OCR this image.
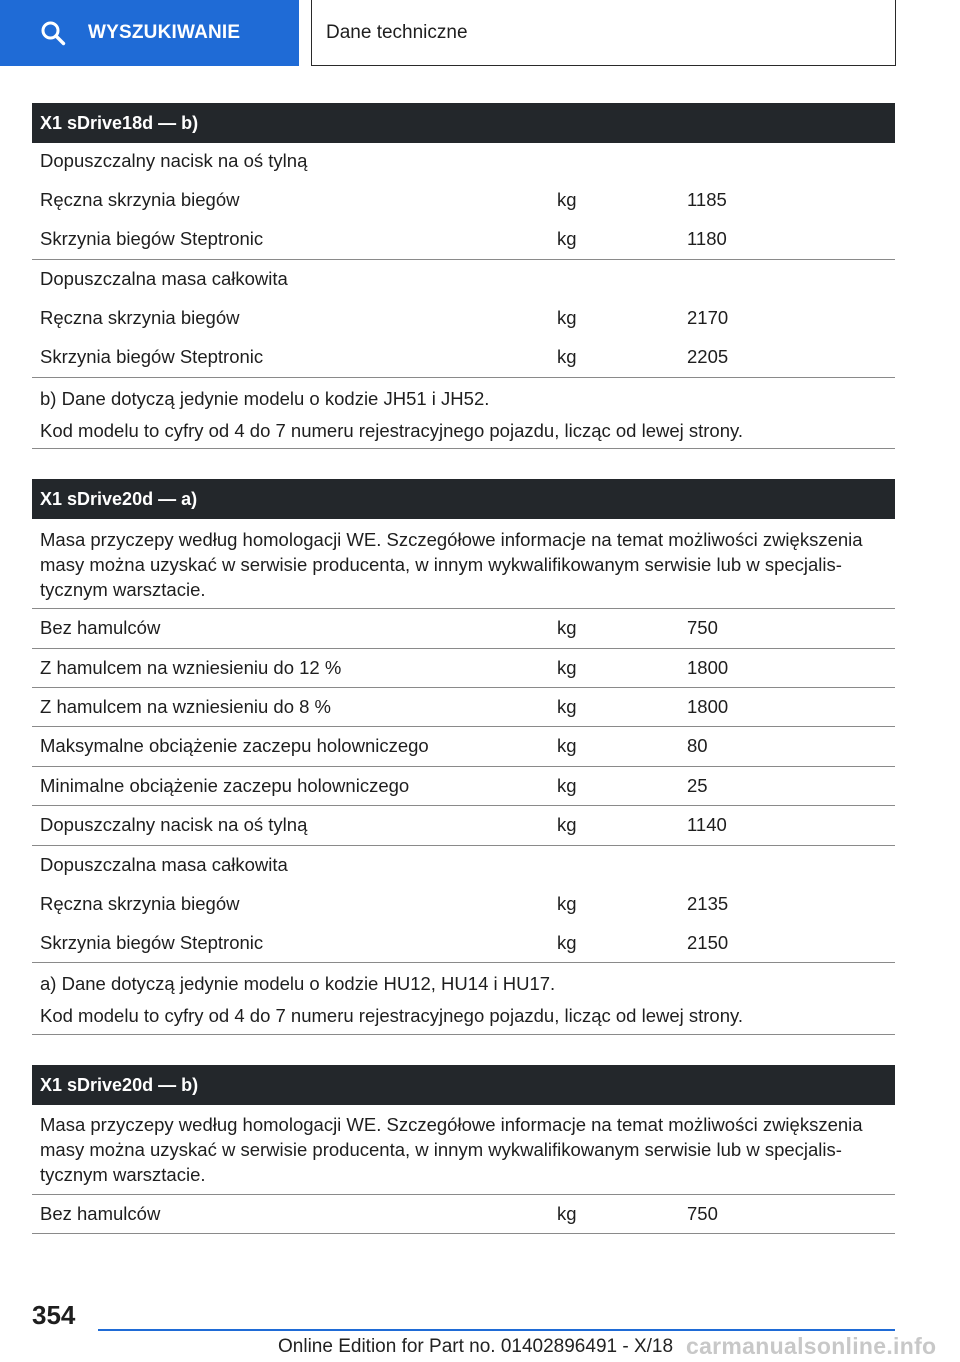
WYSZUKIWANIE	Dane techniczne
X1 sDrive18d — b)
Dopuszczalny nacisk na oś tylną
Ręczna skrzynia biegów	kg	1185
Skrzynia biegów Steptronic	kg	1180
Dopuszczalna masa całkowita
Ręczna skrzynia biegów	kg	2170
Skrzynia biegów Steptronic	kg	2205
b) Dane dotyczą jedynie modelu o kodzie JH51 i JH52.
Kod modelu to cyfry od 4 do 7 numeru rejestracyjnego pojazdu, licząc od lewej strony.
X1 sDrive20d — a)
Masa przyczepy według homologacji WE. Szczegółowe informacje na temat możliwości zwiększenia
masy można uzyskać w serwisie producenta, w innym wykwalifikowanym serwisie lub w specjalis-
tycznym warsztacie.
Bez hamulców	kg	750
Z hamulcem na wzniesieniu do 12 %	kg	1800
Z hamulcem na wzniesieniu do 8 %	kg	1800
Maksymalne obciążenie zaczepu holowniczego	kg	80
Minimalne obciążenie zaczepu holowniczego	kg	25
Dopuszczalny nacisk na oś tylną	kg	1140
Dopuszczalna masa całkowita
Ręczna skrzynia biegów	kg	2135
Skrzynia biegów Steptronic	kg	2150
a) Dane dotyczą jedynie modelu o kodzie HU12, HU14 i HU17.
Kod modelu to cyfry od 4 do 7 numeru rejestracyjnego pojazdu, licząc od lewej strony.
X1 sDrive20d — b)
Masa przyczepy według homologacji WE. Szczegółowe informacje na temat możliwości zwiększenia
masy można uzyskać w serwisie producenta, w innym wykwalifikowanym serwisie lub w specjalis-
tycznym warsztacie.
Bez hamulców	kg	750
354
Online Edition for Part no. 01402896491 - X/18 carmanualsonline.info
